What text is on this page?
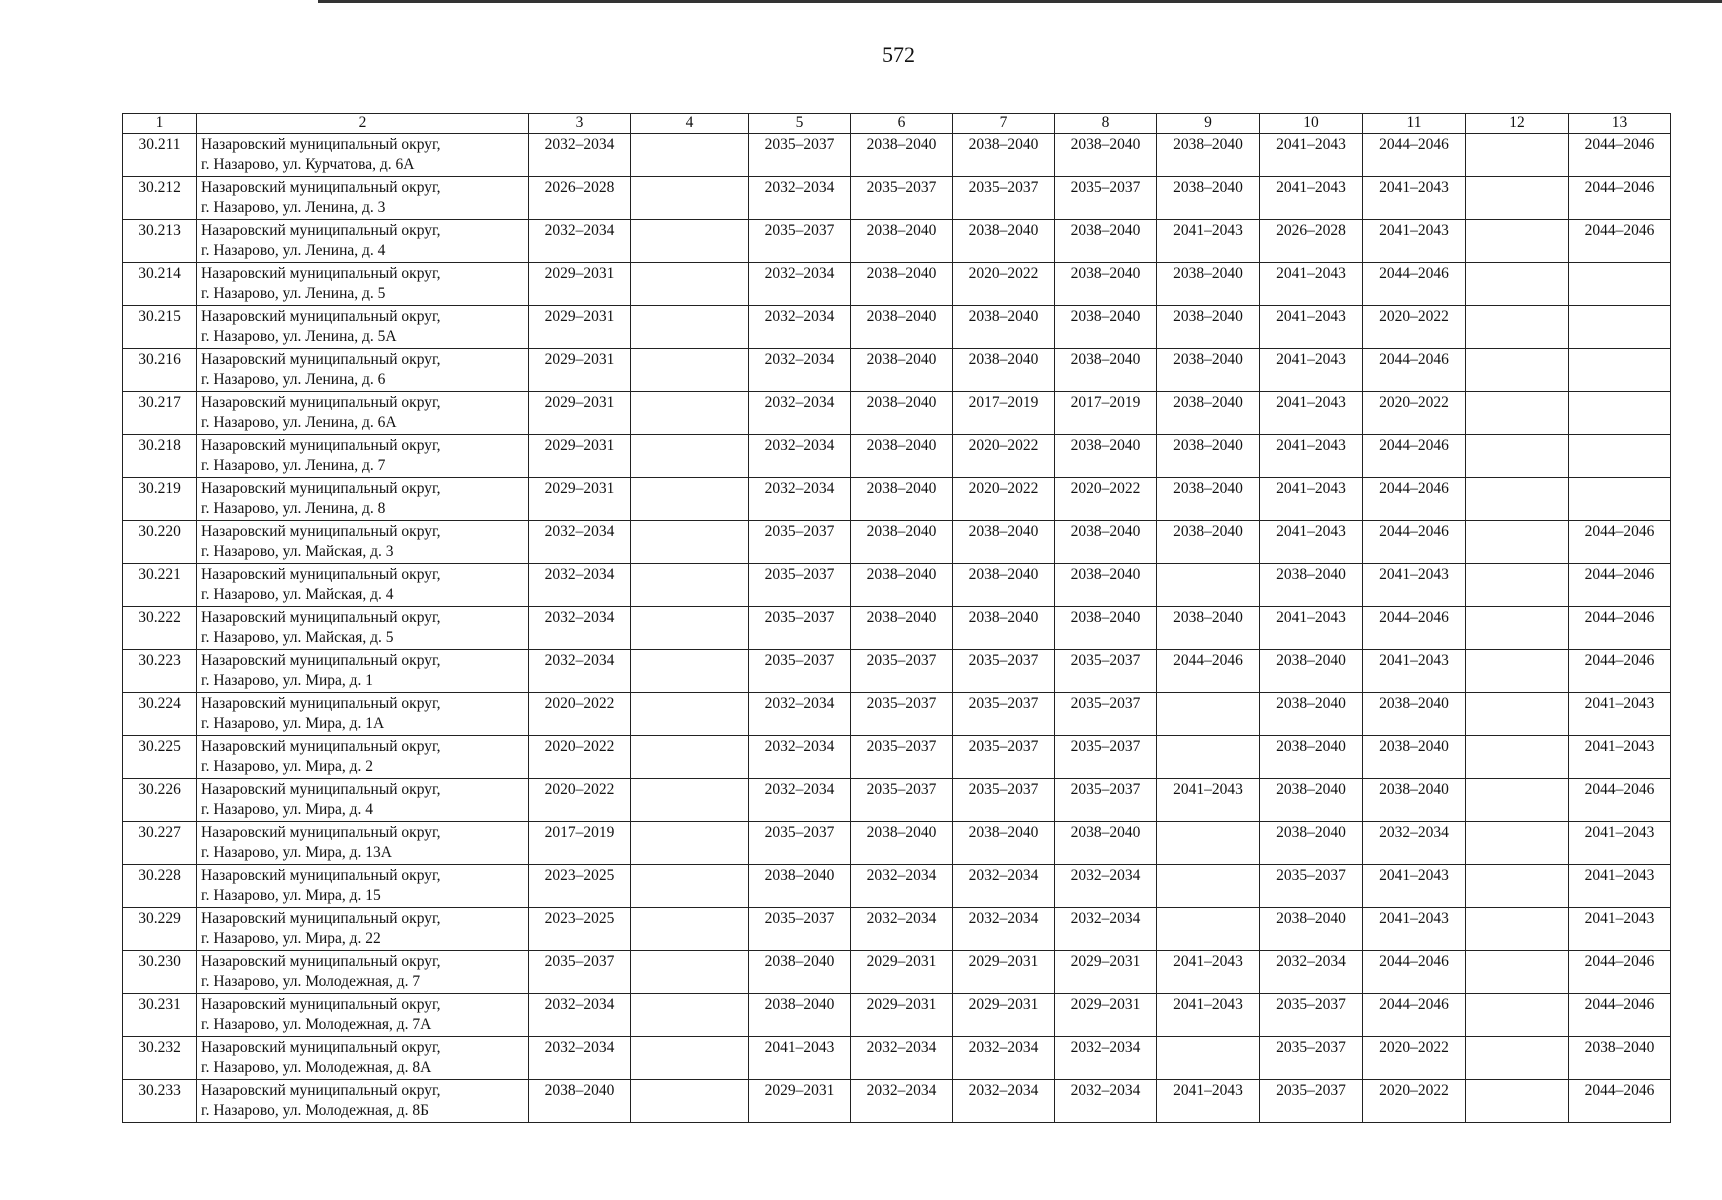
572
1	2	3	4	5	6	7	8	9	10	11	12	13
30.211	Назаровский муниципальный округ,
г. Назарово, ул. Курчатова, д. 6А	2032–2034		2035–2037	2038–2040	2038–2040	2038–2040	2038–2040	2041–2043	2044–2046		2044–2046
30.212	Назаровский муниципальный округ,
г. Назарово, ул. Ленина, д. 3	2026–2028		2032–2034	2035–2037	2035–2037	2035–2037	2038–2040	2041–2043	2041–2043		2044–2046
30.213	Назаровский муниципальный округ,
г. Назарово, ул. Ленина, д. 4	2032–2034		2035–2037	2038–2040	2038–2040	2038–2040	2041–2043	2026–2028	2041–2043		2044–2046
30.214	Назаровский муниципальный округ,
г. Назарово, ул. Ленина, д. 5	2029–2031		2032–2034	2038–2040	2020–2022	2038–2040	2038–2040	2041–2043	2044–2046		
30.215	Назаровский муниципальный округ,
г. Назарово, ул. Ленина, д. 5А	2029–2031		2032–2034	2038–2040	2038–2040	2038–2040	2038–2040	2041–2043	2020–2022		
30.216	Назаровский муниципальный округ,
г. Назарово, ул. Ленина, д. 6	2029–2031		2032–2034	2038–2040	2038–2040	2038–2040	2038–2040	2041–2043	2044–2046		
30.217	Назаровский муниципальный округ,
г. Назарово, ул. Ленина, д. 6А	2029–2031		2032–2034	2038–2040	2017–2019	2017–2019	2038–2040	2041–2043	2020–2022		
30.218	Назаровский муниципальный округ,
г. Назарово, ул. Ленина, д. 7	2029–2031		2032–2034	2038–2040	2020–2022	2038–2040	2038–2040	2041–2043	2044–2046		
30.219	Назаровский муниципальный округ,
г. Назарово, ул. Ленина, д. 8	2029–2031		2032–2034	2038–2040	2020–2022	2020–2022	2038–2040	2041–2043	2044–2046		
30.220	Назаровский муниципальный округ,
г. Назарово, ул. Майская, д. 3	2032–2034		2035–2037	2038–2040	2038–2040	2038–2040	2038–2040	2041–2043	2044–2046		2044–2046
30.221	Назаровский муниципальный округ,
г. Назарово, ул. Майская, д. 4	2032–2034		2035–2037	2038–2040	2038–2040	2038–2040		2038–2040	2041–2043		2044–2046
30.222	Назаровский муниципальный округ,
г. Назарово, ул. Майская, д. 5	2032–2034		2035–2037	2038–2040	2038–2040	2038–2040	2038–2040	2041–2043	2044–2046		2044–2046
30.223	Назаровский муниципальный округ,
г. Назарово, ул. Мира, д. 1	2032–2034		2035–2037	2035–2037	2035–2037	2035–2037	2044–2046	2038–2040	2041–2043		2044–2046
30.224	Назаровский муниципальный округ,
г. Назарово, ул. Мира, д. 1А	2020–2022		2032–2034	2035–2037	2035–2037	2035–2037		2038–2040	2038–2040		2041–2043
30.225	Назаровский муниципальный округ,
г. Назарово, ул. Мира, д. 2	2020–2022		2032–2034	2035–2037	2035–2037	2035–2037		2038–2040	2038–2040		2041–2043
30.226	Назаровский муниципальный округ,
г. Назарово, ул. Мира, д. 4	2020–2022		2032–2034	2035–2037	2035–2037	2035–2037	2041–2043	2038–2040	2038–2040		2044–2046
30.227	Назаровский муниципальный округ,
г. Назарово, ул. Мира, д. 13А	2017–2019		2035–2037	2038–2040	2038–2040	2038–2040		2038–2040	2032–2034		2041–2043
30.228	Назаровский муниципальный округ,
г. Назарово, ул. Мира, д. 15	2023–2025		2038–2040	2032–2034	2032–2034	2032–2034		2035–2037	2041–2043		2041–2043
30.229	Назаровский муниципальный округ,
г. Назарово, ул. Мира, д. 22	2023–2025		2035–2037	2032–2034	2032–2034	2032–2034		2038–2040	2041–2043		2041–2043
30.230	Назаровский муниципальный округ,
г. Назарово, ул. Молодежная, д. 7	2035–2037		2038–2040	2029–2031	2029–2031	2029–2031	2041–2043	2032–2034	2044–2046		2044–2046
30.231	Назаровский муниципальный округ,
г. Назарово, ул. Молодежная, д. 7А	2032–2034		2038–2040	2029–2031	2029–2031	2029–2031	2041–2043	2035–2037	2044–2046		2044–2046
30.232	Назаровский муниципальный округ,
г. Назарово, ул. Молодежная, д. 8А	2032–2034		2041–2043	2032–2034	2032–2034	2032–2034		2035–2037	2020–2022		2038–2040
30.233	Назаровский муниципальный округ,
г. Назарово, ул. Молодежная, д. 8Б	2038–2040		2029–2031	2032–2034	2032–2034	2032–2034	2041–2043	2035–2037	2020–2022		2044–2046
